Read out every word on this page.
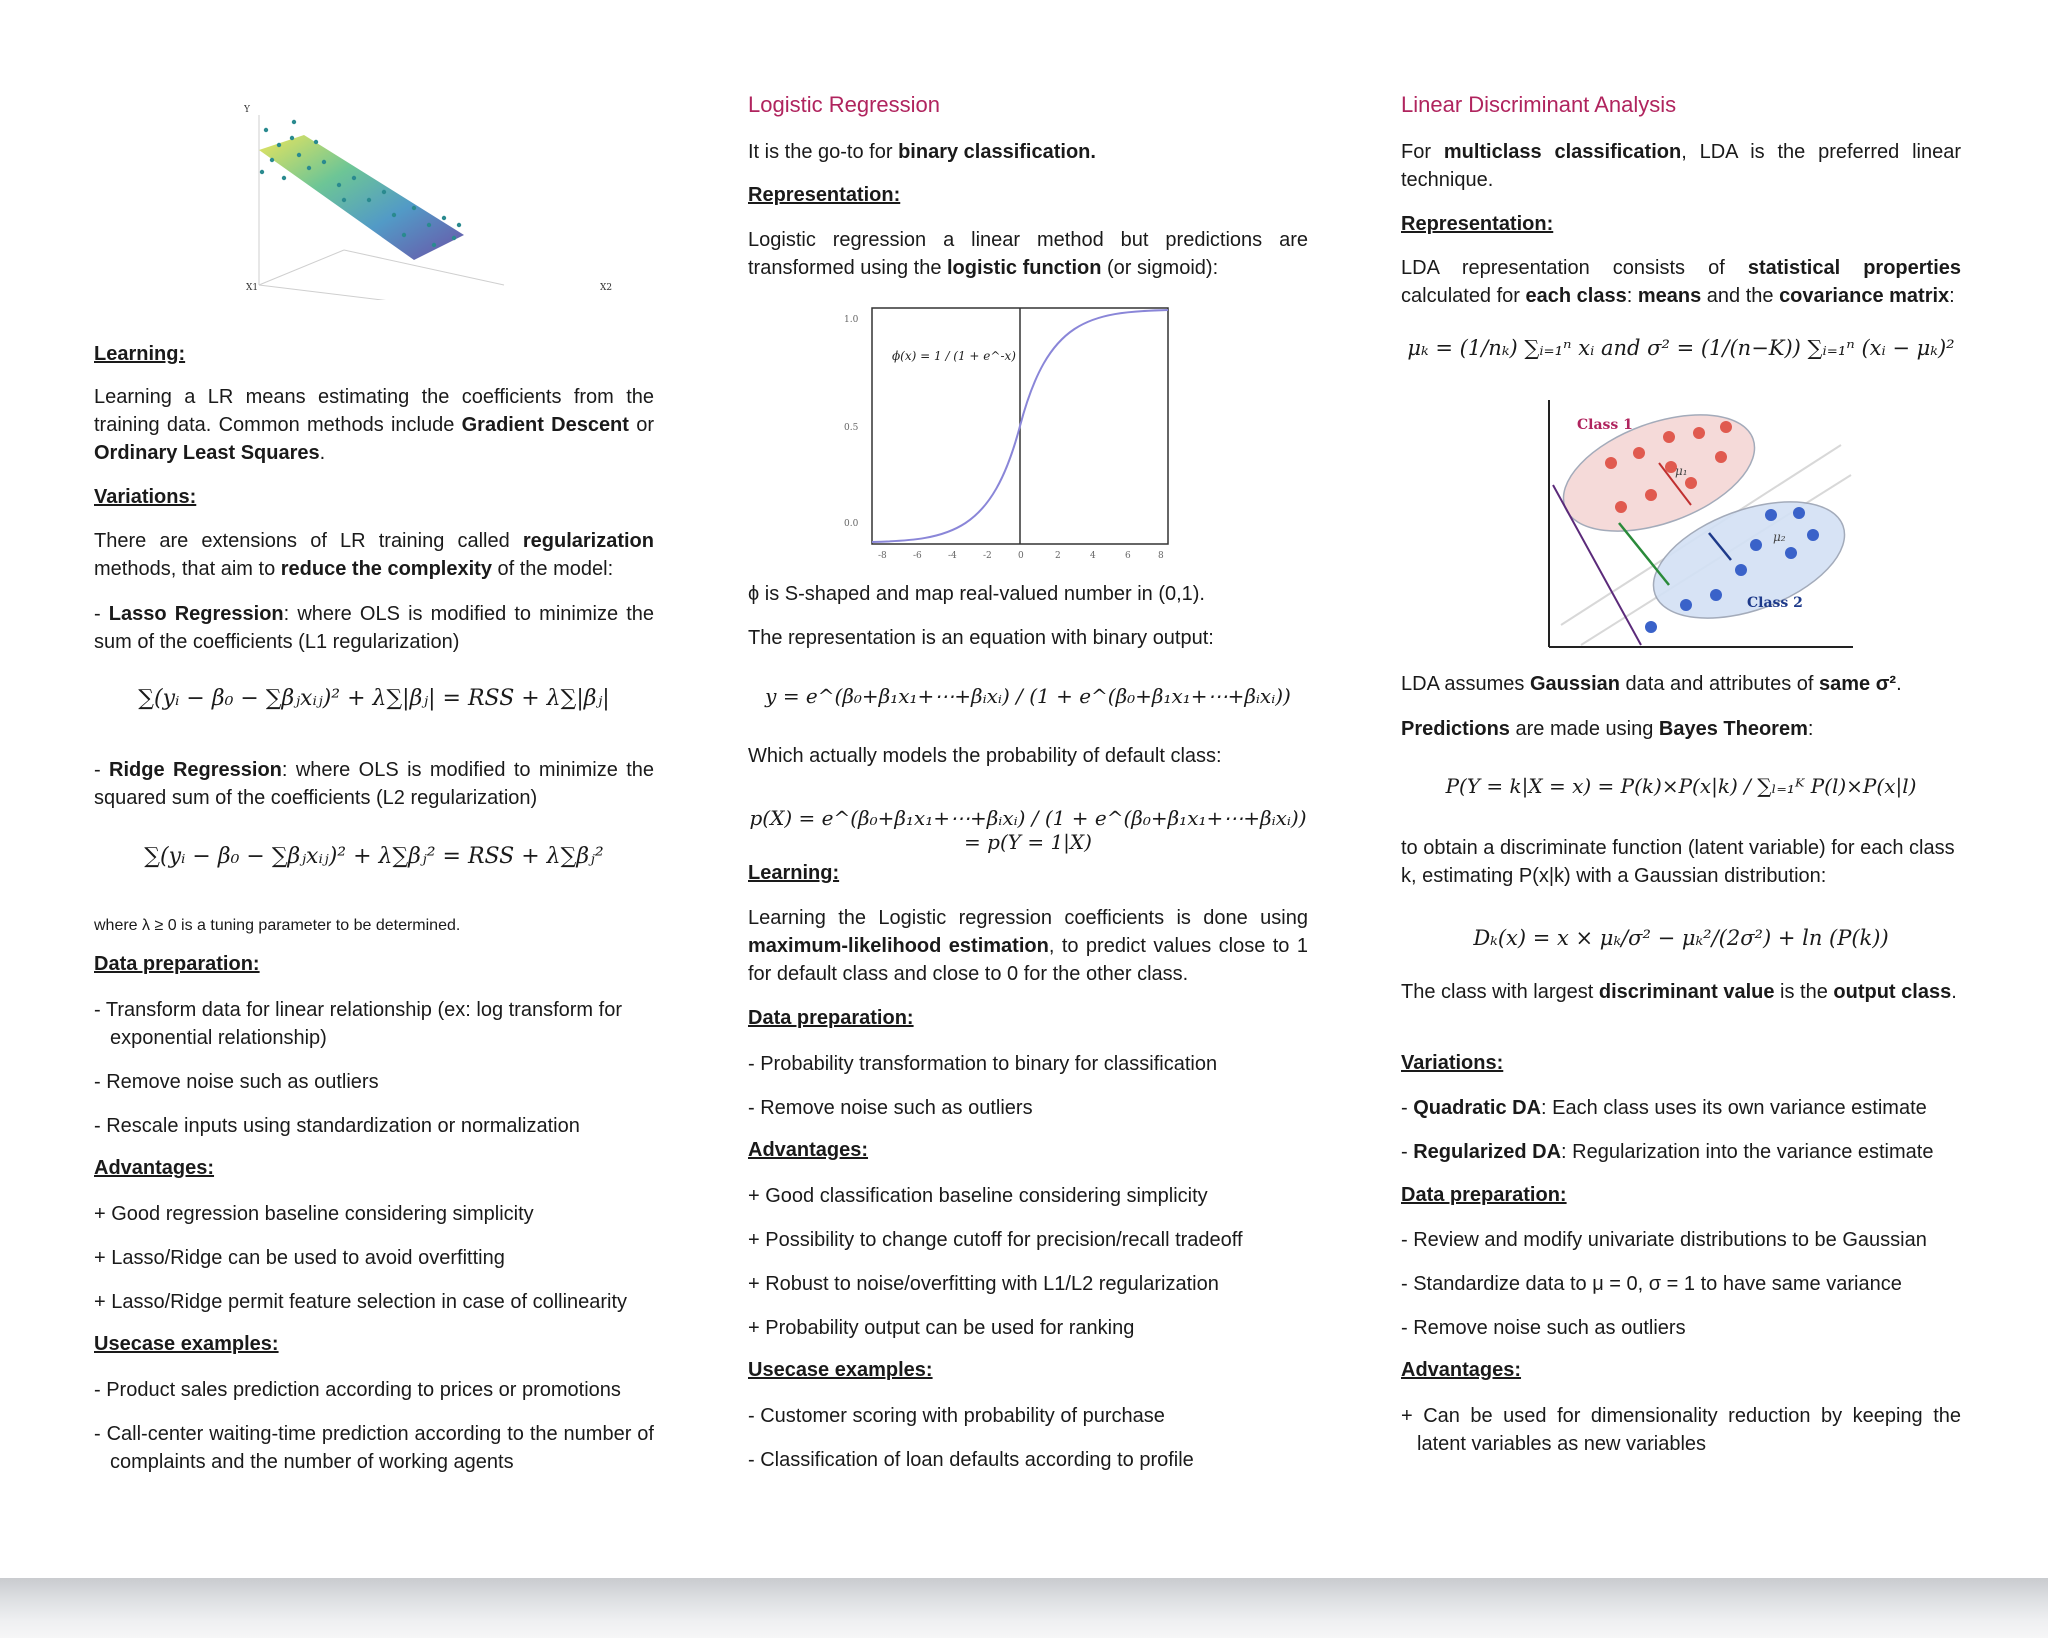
Y
X1	X2

Learning:

Learning a LR means estimating the coefficients from the training data. Common methods include Gradient Descent or Ordinary Least Squares.

Variations:

There are extensions of LR training called regularization methods, that aim to reduce the complexity of the model:

- Lasso Regression: where OLS is modified to minimize the sum of the coefficients (L1 regularization)

∑(yᵢ − β₀ − ∑βⱼxᵢⱼ)² + λ∑|βⱼ| = RSS + λ∑|βⱼ|

- Ridge Regression: where OLS is modified to minimize the squared sum of the coefficients (L2 regularization)

∑(yᵢ − β₀ − ∑βⱼxᵢⱼ)² + λ∑βⱼ² = RSS + λ∑βⱼ²

where λ ≥ 0 is a tuning parameter to be determined.

Data preparation:

- Transform data for linear relationship (ex: log transform for exponential relationship)

- Remove noise such as outliers

- Rescale inputs using standardization or normalization

Advantages:

+ Good regression baseline considering simplicity

+ Lasso/Ridge can be used to avoid overfitting

+ Lasso/Ridge permit feature selection in case of collinearity

Usecase examples:

- Product sales prediction according to prices or promotions

- Call-center waiting-time prediction according to the number of complaints and the number of working agents

Logistic Regression

It is the go-to for binary classification.

Representation:

Logistic regression a linear method but predictions are transformed using the logistic function (or sigmoid):

ϕ(x) = 1 / (1 + e^-x)
1.0
0.5
0.0
-8	-6	-4	-2	0	2	4	6	8

ϕ is S-shaped and map real-valued number in (0,1).

The representation is an equation with binary output:

y = e^(β₀+β₁x₁+⋯+βᵢxᵢ) / (1 + e^(β₀+β₁x₁+⋯+βᵢxᵢ))

Which actually models the probability of default class:

p(X) = e^(β₀+β₁x₁+⋯+βᵢxᵢ) / (1 + e^(β₀+β₁x₁+⋯+βᵢxᵢ)) = p(Y = 1|X)

Learning:

Learning the Logistic regression coefficients is done using maximum-likelihood estimation, to predict values close to 1 for default class and close to 0 for the other class.

Data preparation:

- Probability transformation to binary for classification

- Remove noise such as outliers

Advantages:

+ Good classification baseline considering simplicity

+ Possibility to change cutoff for precision/recall tradeoff

+ Robust to noise/overfitting with L1/L2 regularization

+ Probability output can be used for ranking

Usecase examples:

- Customer scoring with probability of purchase

- Classification of loan defaults according to profile

Linear Discriminant Analysis

For multiclass classification, LDA is the preferred linear technique.

Representation:

LDA representation consists of statistical properties calculated for each class: means and the covariance matrix:

μₖ = (1/nₖ) ∑ᵢ₌₁ⁿ xᵢ and σ² = (1/(n−K)) ∑ᵢ₌₁ⁿ (xᵢ − μₖ)²
Class 1
Class 2
μ₁
μ₂

LDA assumes Gaussian data and attributes of same σ².

Predictions are made using Bayes Theorem:

P(Y = k|X = x) = P(k)×P(x|k) / ∑ₗ₌₁ᴷ P(l)×P(x|l)

to obtain a discriminate function (latent variable) for each class k, estimating P(x|k) with a Gaussian distribution:

Dₖ(x) = x × μₖ/σ² − μₖ²/(2σ²) + ln (P(k))

The class with largest discriminant value is the output class.

Variations:

- Quadratic DA: Each class uses its own variance estimate

- Regularized DA: Regularization into the variance estimate

Data preparation:

- Review and modify univariate distributions to be Gaussian

- Standardize data to μ = 0, σ = 1 to have same variance

- Remove noise such as outliers

Advantages:

+ Can be used for dimensionality reduction by keeping the latent variables as new variables
